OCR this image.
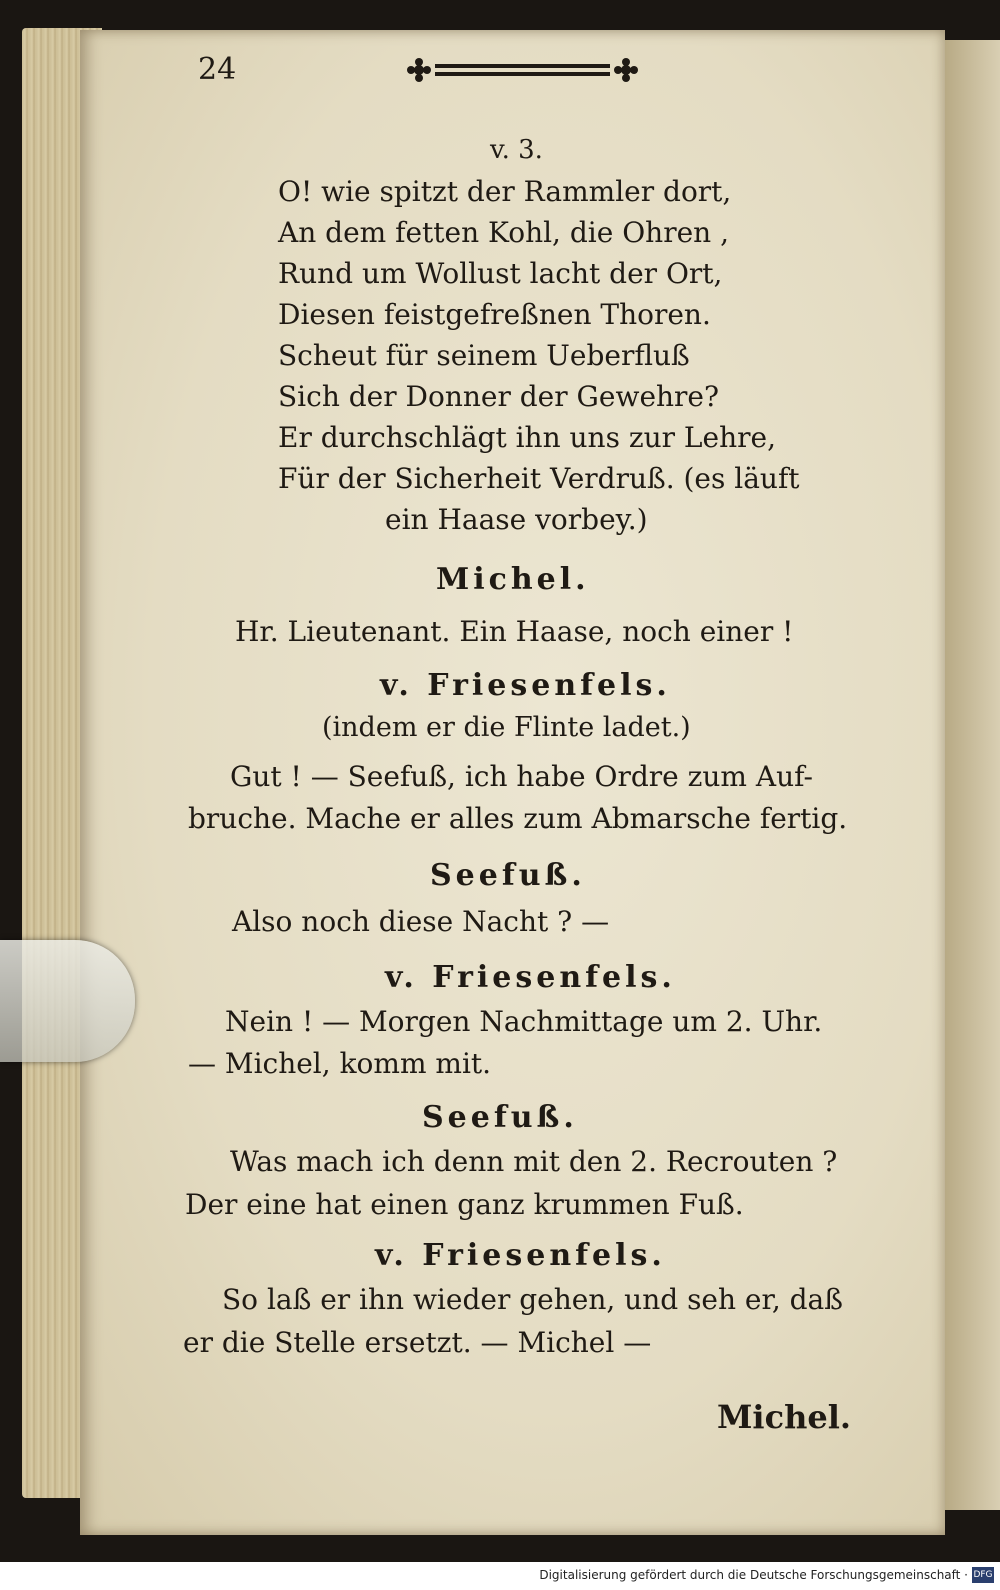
24
v. 3.
O! wie spitzt der Rammler dort,
An dem fetten Kohl, die Ohren ,
Rund um Wollust lacht der Ort,
Diesen feistgefreßnen Thoren.
Scheut für seinem Ueberfluß
Sich der Donner der Gewehre?
Er durchschlägt ihn uns zur Lehre,
Für der Sicherheit Verdruß. (es läuft
ein Haase vorbey.)
Michel.
Hr. Lieutenant. Ein Haase, noch einer !
v. Friesenfels.
(indem er die Flinte ladet.)
Gut ! — Seefuß, ich habe Ordre zum Auf-
bruche. Mache er alles zum Abmarsche fertig.
Seefuß.
Also noch diese Nacht ? —
v. Friesenfels.
Nein ! — Morgen Nachmittage um 2. Uhr.
— Michel, komm mit.
Seefuß.
Was mach ich denn mit den 2. Recrouten ?
Der eine hat einen ganz krummen Fuß.
v. Friesenfels.
So laß er ihn wieder gehen, und seh er, daß
er die Stelle ersetzt. — Michel —
Michel.
Digitalisierung gefördert durch die Deutsche Forschungsgemeinschaft · DFG
